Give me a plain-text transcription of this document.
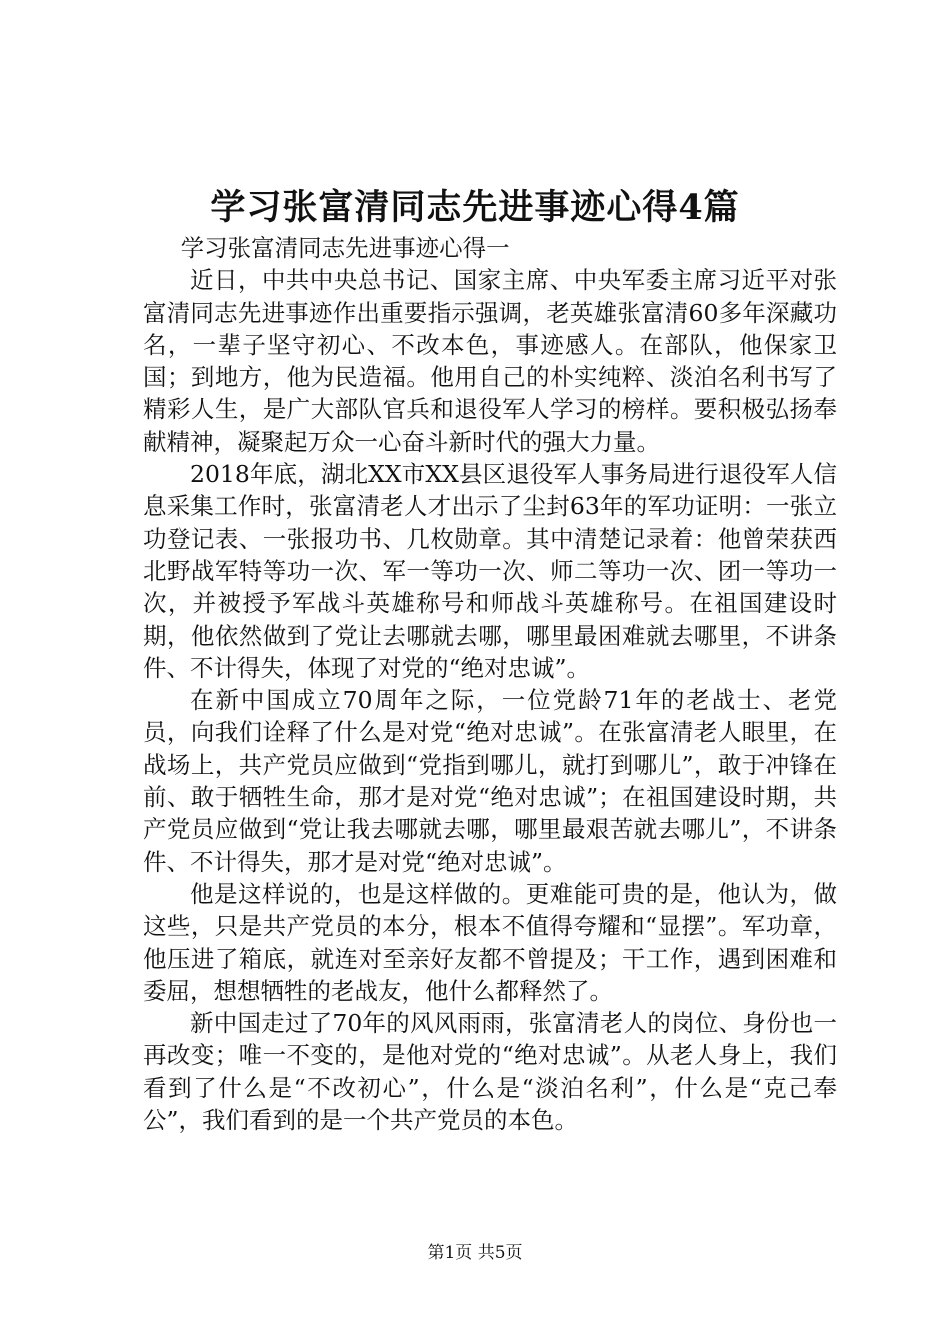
学习张富清同志先进事迹心得4篇

学习张富清同志先进事迹心得一

近日，中共中央总书记、国家主席、中央军委主席习近平对张富清同志先进事迹作出重要指示强调，老英雄张富清60多年深藏功名，一辈子坚守初心、不改本色，事迹感人。在部队，他保家卫国；到地方，他为民造福。他用自己的朴实纯粹、淡泊名利书写了精彩人生，是广大部队官兵和退役军人学习的榜样。要积极弘扬奉献精神，凝聚起万众一心奋斗新时代的强大力量。

2018年底，湖北XX市XX县区退役军人事务局进行退役军人信息采集工作时，张富清老人才出示了尘封63年的军功证明：一张立功登记表、一张报功书、几枚勋章。其中清楚记录着：他曾荣获西北野战军特等功一次、军一等功一次、师二等功一次、团一等功一次，并被授予军战斗英雄称号和师战斗英雄称号。在祖国建设时期，他依然做到了党让去哪就去哪，哪里最困难就去哪里，不讲条件、不计得失，体现了对党的“绝对忠诚”。

在新中国成立70周年之际，一位党龄71年的老战士、老党员，向我们诠释了什么是对党“绝对忠诚”。在张富清老人眼里，在战场上，共产党员应做到“党指到哪儿，就打到哪儿”，敢于冲锋在前、敢于牺牲生命，那才是对党“绝对忠诚”；在祖国建设时期，共产党员应做到“党让我去哪就去哪，哪里最艰苦就去哪儿”，不讲条件、不计得失，那才是对党“绝对忠诚”。

他是这样说的，也是这样做的。更难能可贵的是，他认为，做这些，只是共产党员的本分，根本不值得夸耀和“显摆”。军功章，他压进了箱底，就连对至亲好友都不曾提及；干工作，遇到困难和委屈，想想牺牲的老战友，他什么都释然了。

新中国走过了70年的风风雨雨，张富清老人的岗位、身份也一再改变；唯一不变的，是他对党的“绝对忠诚”。从老人身上，我们看到了什么是“不改初心”，什么是“淡泊名利”，什么是“克己奉公”，我们看到的是一个共产党员的本色。

第1页 共5页
